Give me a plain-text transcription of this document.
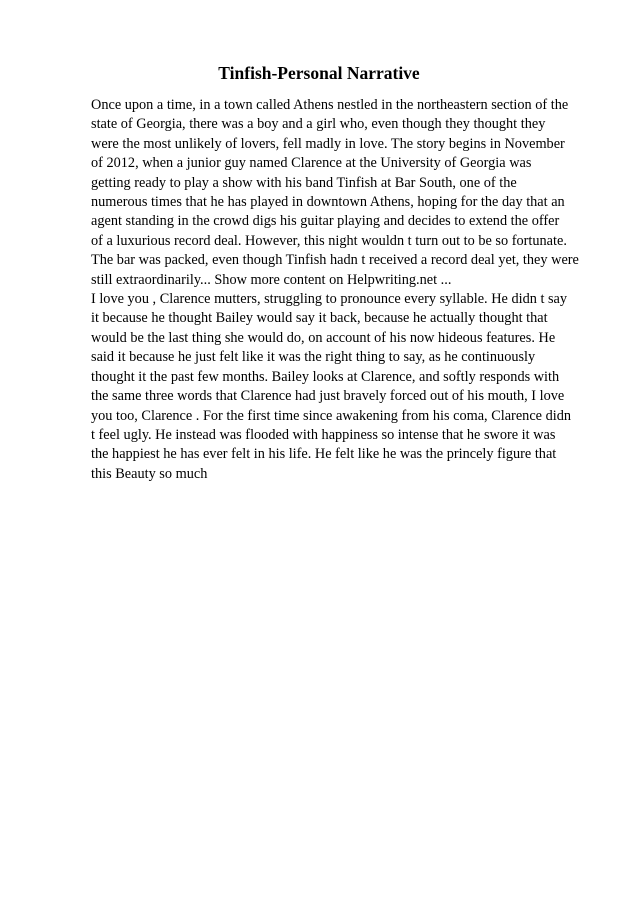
Tinfish-Personal Narrative
Once upon a time, in a town called Athens nestled in the northeastern section of the
state of Georgia, there was a boy and a girl who, even though they thought they
were the most unlikely of lovers, fell madly in love. The story begins in November
of 2012, when a junior guy named Clarence at the University of Georgia was
getting ready to play a show with his band Tinfish at Bar South, one of the
numerous times that he has played in downtown Athens, hoping for the day that an
agent standing in the crowd digs his guitar playing and decides to extend the offer
of a luxurious record deal. However, this night wouldn t turn out to be so fortunate.
The bar was packed, even though Tinfish hadn t received a record deal yet, they were
still extraordinarily... Show more content on Helpwriting.net ...
I love you , Clarence mutters, struggling to pronounce every syllable. He didn t say
it because he thought Bailey would say it back, because he actually thought that
would be the last thing she would do, on account of his now hideous features. He
said it because he just felt like it was the right thing to say, as he continuously
thought it the past few months. Bailey looks at Clarence, and softly responds with
the same three words that Clarence had just bravely forced out of his mouth, I love
you too, Clarence . For the first time since awakening from his coma, Clarence didn
t feel ugly. He instead was flooded with happiness so intense that he swore it was
the happiest he has ever felt in his life. He felt like he was the princely figure that
this Beauty so much
